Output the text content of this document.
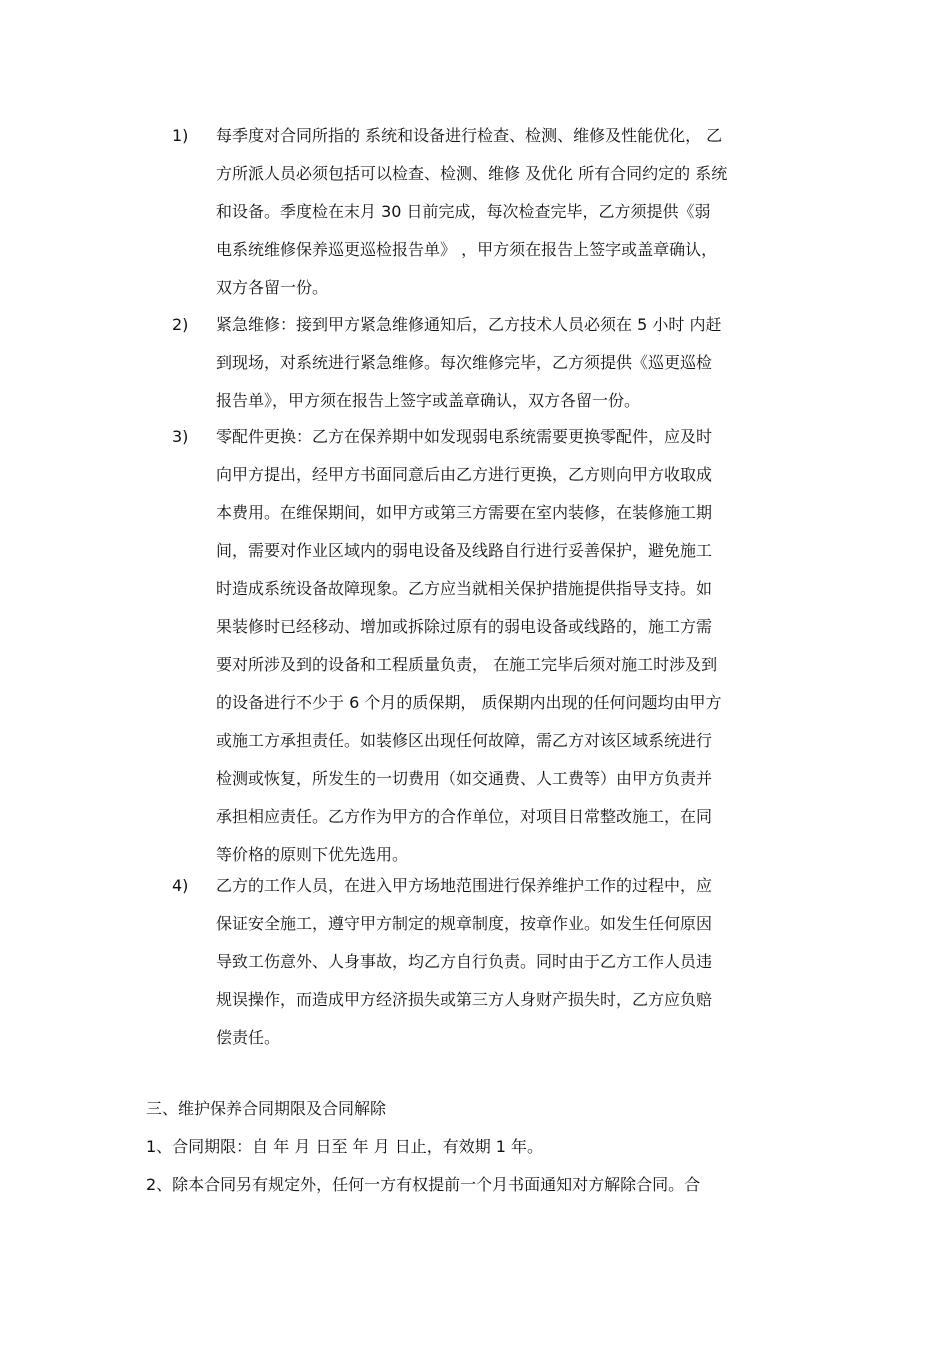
1) 每季度对合同所指的 系统和设备进行检查、检测、维修及性能优化， 乙
方所派人员必须包括可以检查、检测、维修 及优化 所有合同约定的 系统
和设备。季度检在末月 30 日前完成，每次检查完毕，乙方须提供《弱
电系统维修保养巡更巡检报告单》 ，甲方须在报告上签字或盖章确认，
双方各留一份。
2) 紧急维修：接到甲方紧急维修通知后，乙方技术人员必须在 5 小时 内赶
到现场，对系统进行紧急维修。每次维修完毕，乙方须提供《巡更巡检
报告单》，甲方须在报告上签字或盖章确认，双方各留一份。
3) 零配件更换：乙方在保养期中如发现弱电系统需要更换零配件，应及时
向甲方提出，经甲方书面同意后由乙方进行更换，乙方则向甲方收取成
本费用。在维保期间，如甲方或第三方需要在室内装修，在装修施工期
间，需要对作业区域内的弱电设备及线路自行进行妥善保护，避免施工
时造成系统设备故障现象。乙方应当就相关保护措施提供指导支持。如
果装修时已经移动、增加或拆除过原有的弱电设备或线路的，施工方需
要对所涉及到的设备和工程质量负责， 在施工完毕后须对施工时涉及到
的设备进行不少于 6 个月的质保期， 质保期内出现的任何问题均由甲方
或施工方承担责任。如装修区出现任何故障，需乙方对该区域系统进行
检测或恢复，所发生的一切费用（如交通费、人工费等）由甲方负责并
承担相应责任。乙方作为甲方的合作单位，对项目日常整改施工，在同
等价格的原则下优先选用。
4) 乙方的工作人员，在进入甲方场地范围进行保养维护工作的过程中，应
保证安全施工，遵守甲方制定的规章制度，按章作业。如发生任何原因
导致工伤意外、人身事故，均乙方自行负责。同时由于乙方工作人员违
规误操作，而造成甲方经济损失或第三方人身财产损失时，乙方应负赔
偿责任。
三、维护保养合同期限及合同解除
1、合同期限：自 年 月 日至 年 月 日止，有效期 1 年。
2、除本合同另有规定外，任何一方有权提前一个月书面通知对方解除合同。合
